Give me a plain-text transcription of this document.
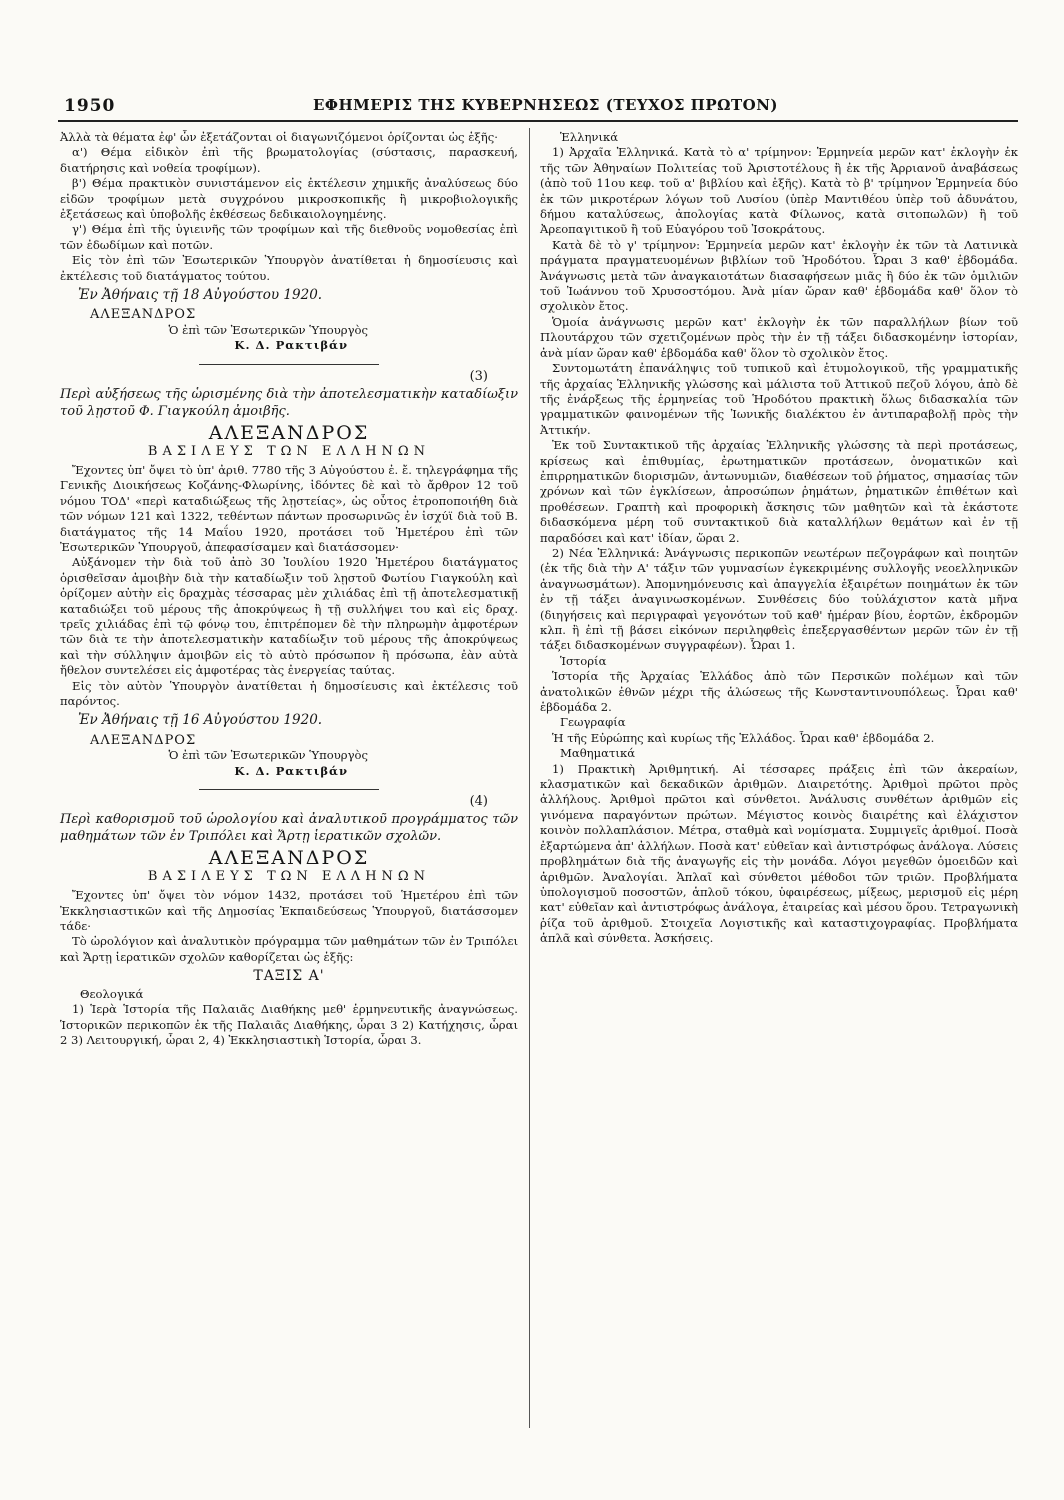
1950	ΕΦΗΜΕΡΙΣ ΤΗΣ ΚΥΒΕΡΝΗΣΕΩΣ (ΤΕΥΧΟΣ ΠΡΩΤΟΝ)

Ἀλλὰ τὰ θέματα ἐφ' ὧν ἐξετάζονται οἱ διαγωνιζόμενοι ὁρίζονται ὡς ἑξῆς·

α') Θέμα εἰδικὸν ἐπὶ τῆς βρωματολογίας (σύστασις, παρασκευή, διατήρησις καὶ νοθεία τροφίμων).

β') Θέμα πρακτικὸν συνιστάμενον εἰς ἐκτέλεσιν χημικῆς ἀναλύσεως δύο εἰδῶν τροφίμων μετὰ συγχρόνου μικροσκοπικῆς ἢ μικροβιολογικῆς ἐξετάσεως καὶ ὑποβολῆς ἐκθέσεως δεδικαιολογημένης.

γ') Θέμα ἐπὶ τῆς ὑγιεινῆς τῶν τροφίμων καὶ τῆς διεθνοῦς νομοθεσίας ἐπὶ τῶν ἐδωδίμων καὶ ποτῶν.

Εἰς τὸν ἐπὶ τῶν Ἐσωτερικῶν Ὑπουργὸν ἀνατίθεται ἡ δημοσίευσις καὶ ἐκτέλεσις τοῦ διατάγματος τούτου.

Ἐν Ἀθήναις τῇ 18 Αὐγούστου 1920.

ΑΛΕΞΑΝΔΡΟΣ

Ὁ ἐπὶ τῶν Ἐσωτερικῶν Ὑπουργὸς

Κ. Δ. Ρακτιβάν

(3)

Περὶ αὐξήσεως τῆς ὡρισμένης διὰ τὴν ἀποτελεσματικὴν καταδίωξιν τοῦ λῃστοῦ Φ. Γιαγκούλη ἀμοιβῆς.

ΑΛΕΞΑΝΔΡΟΣ

ΒΑΣΙΛΕΥΣ ΤΩΝ ΕΛΛΗΝΩΝ

Ἔχοντες ὑπ' ὄψει τὸ ὑπ' ἀριθ. 7780 τῆς 3 Αὐγούστου ἐ. ἔ. τηλεγράφημα τῆς Γενικῆς Διοικήσεως Κοζάνης-Φλωρίνης, ἰδόντες δὲ καὶ τὸ ἄρθρον 12 τοῦ νόμου ΤΟΔ' «περὶ καταδιώξεως τῆς λῃστείας», ὡς οὗτος ἐτροποποιήθη διὰ τῶν νόμων 121 καὶ 1322, τεθέντων πάντων προσωρινῶς ἐν ἰσχύϊ διὰ τοῦ Β. διατάγματος τῆς 14 Μαΐου 1920, προτάσει τοῦ Ἡμετέρου ἐπὶ τῶν Ἐσωτερικῶν Ὑπουργοῦ, ἀπεφασίσαμεν καὶ διατάσσομεν·

Αὐξάνομεν τὴν διὰ τοῦ ἀπὸ 30 Ἰουλίου 1920 Ἡμετέρου διατάγματος ὁρισθεῖσαν ἀμοιβὴν διὰ τὴν καταδίωξιν τοῦ λῃστοῦ Φωτίου Γιαγκούλη καὶ ὁρίζομεν αὐτὴν εἰς δραχμὰς τέσσαρας μὲν χιλιάδας ἐπὶ τῇ ἀποτελεσματικῇ καταδιώξει τοῦ μέρους τῆς ἀποκρύψεως ἢ τῇ συλλήψει του καὶ εἰς δραχ. τρεῖς χιλιάδας ἐπὶ τῷ φόνῳ του, ἐπιτρέπομεν δὲ τὴν πληρωμὴν ἀμφοτέρων τῶν διὰ τε τὴν ἀποτελεσματικὴν καταδίωξιν τοῦ μέρους τῆς ἀποκρύψεως καὶ τὴν σύλληψιν ἀμοιβῶν εἰς τὸ αὐτὸ πρόσωπον ἢ πρόσωπα, ἐὰν αὐτὰ ἤθελον συντελέσει εἰς ἀμφοτέρας τὰς ἐνεργείας ταύτας.

Εἰς τὸν αὐτὸν Ὑπουργὸν ἀνατίθεται ἡ δημοσίευσις καὶ ἐκτέλεσις τοῦ παρόντος.

Ἐν Ἀθήναις τῇ 16 Αὐγούστου 1920.

ΑΛΕΞΑΝΔΡΟΣ

Ὁ ἐπὶ τῶν Ἐσωτερικῶν Ὑπουργὸς

Κ. Δ. Ρακτιβάν

(4)

Περὶ καθορισμοῦ τοῦ ὡρολογίου καὶ ἀναλυτικοῦ προγράμματος τῶν μαθημάτων τῶν ἐν Τριπόλει καὶ Ἄρτῃ ἱερατικῶν σχολῶν.

ΑΛΕΞΑΝΔΡΟΣ

ΒΑΣΙΛΕΥΣ ΤΩΝ ΕΛΛΗΝΩΝ

Ἔχοντες ὑπ' ὄψει τὸν νόμον 1432, προτάσει τοῦ Ἡμετέρου ἐπὶ τῶν Ἐκκλησιαστικῶν καὶ τῆς Δημοσίας Ἐκπαιδεύσεως Ὑπουργοῦ, διατάσσομεν τάδε·

Τὸ ὡρολόγιον καὶ ἀναλυτικὸν πρόγραμμα τῶν μαθημάτων τῶν ἐν Τριπόλει καὶ Ἄρτῃ ἱερατικῶν σχολῶν καθορίζεται ὡς ἑξῆς:

ΤΑΞΙΣ Α'

Θεολογικά

1) Ἱερὰ Ἱστορία τῆς Παλαιᾶς Διαθήκης μεθ' ἑρμηνευτικῆς ἀναγνώσεως. Ἱστορικῶν περικοπῶν ἐκ τῆς Παλαιᾶς Διαθήκης, ὧραι 3 2) Κατήχησις, ὧραι 2 3) Λειτουργική, ὧραι 2, 4) Ἐκκλησιαστικὴ Ἱστορία, ὧραι 3.

Ἑλληνικά

1) Ἀρχαῖα Ἑλληνικά. Κατὰ τὸ α' τρίμηνον: Ἑρμηνεία μερῶν κατ' ἐκλογὴν ἐκ τῆς τῶν Ἀθηναίων Πολιτείας τοῦ Ἀριστοτέλους ἢ ἐκ τῆς Ἀρριανοῦ ἀναβάσεως (ἀπὸ τοῦ 11ου κεφ. τοῦ α' βιβλίου καὶ ἑξῆς). Κατὰ τὸ β' τρίμηνον Ἑρμηνεία δύο ἐκ τῶν μικροτέρων λόγων τοῦ Λυσίου (ὑπὲρ Μαντιθέου ὑπὲρ τοῦ ἀδυνάτου, δήμου καταλύσεως, ἀπολογίας κατὰ Φίλωνος, κατὰ σιτοπωλῶν) ἢ τοῦ Ἀρεοπαγιτικοῦ ἢ τοῦ Εὐαγόρου τοῦ Ἰσοκράτους.

Κατὰ δὲ τὸ γ' τρίμηνον: Ἑρμηνεία μερῶν κατ' ἐκλογὴν ἐκ τῶν τὰ Λατινικὰ πράγματα πραγματευομένων βιβλίων τοῦ Ἡροδότου. Ὧραι 3 καθ' ἑβδομάδα. Ἀνάγνωσις μετὰ τῶν ἀναγκαιοτάτων διασαφήσεων μιᾶς ἢ δύο ἐκ τῶν ὁμιλιῶν τοῦ Ἰωάννου τοῦ Χρυσοστόμου. Ἀνὰ μίαν ὥραν καθ' ἑβδομάδα καθ' ὅλον τὸ σχολικὸν ἔτος.

Ὁμοία ἀνάγνωσις μερῶν κατ' ἐκλογὴν ἐκ τῶν παραλλήλων βίων τοῦ Πλουτάρχου τῶν σχετιζομένων πρὸς τὴν ἐν τῇ τάξει διδασκομένην ἱστορίαν, ἀνὰ μίαν ὥραν καθ' ἑβδομάδα καθ' ὅλον τὸ σχολικὸν ἔτος.

Συντομωτάτη ἐπανάληψις τοῦ τυπικοῦ καὶ ἐτυμολογικοῦ, τῆς γραμματικῆς τῆς ἀρχαίας Ἑλληνικῆς γλώσσης καὶ μάλιστα τοῦ Ἀττικοῦ πεζοῦ λόγου, ἀπὸ δὲ τῆς ἐνάρξεως τῆς ἑρμηνείας τοῦ Ἡροδότου πρακτικὴ ὅλως διδασκαλία τῶν γραμματικῶν φαινομένων τῆς Ἰωνικῆς διαλέκτου ἐν ἀντιπαραβολῇ πρὸς τὴν Ἀττικήν.

Ἐκ τοῦ Συντακτικοῦ τῆς ἀρχαίας Ἑλληνικῆς γλώσσης τὰ περὶ προτάσεως, κρίσεως καὶ ἐπιθυμίας, ἐρωτηματικῶν προτάσεων, ὀνοματικῶν καὶ ἐπιρρηματικῶν διορισμῶν, ἀντωνυμιῶν, διαθέσεων τοῦ ῥήματος, σημασίας τῶν χρόνων καὶ τῶν ἐγκλίσεων, ἀπροσώπων ῥημάτων, ῥηματικῶν ἐπιθέτων καὶ προθέσεων. Γραπτὴ καὶ προφορικὴ ἄσκησις τῶν μαθητῶν καὶ τὰ ἑκάστοτε διδασκόμενα μέρη τοῦ συντακτικοῦ διὰ καταλλήλων θεμάτων καὶ ἐν τῇ παραδόσει καὶ κατ' ἰδίαν, ὥραι 2.

2) Νέα Ἑλληνικά: Ἀνάγνωσις περικοπῶν νεωτέρων πεζογράφων καὶ ποιητῶν (ἐκ τῆς διὰ τὴν Α' τάξιν τῶν γυμνασίων ἐγκεκριμένης συλλογῆς νεοελληνικῶν ἀναγνωσμάτων). Ἀπομνημόνευσις καὶ ἀπαγγελία ἐξαιρέτων ποιημάτων ἐκ τῶν ἐν τῇ τάξει ἀναγινωσκομένων. Συνθέσεις δύο τοὐλάχιστον κατὰ μῆνα (διηγήσεις καὶ περιγραφαὶ γεγονότων τοῦ καθ' ἡμέραν βίου, ἑορτῶν, ἐκδρομῶν κλπ. ἢ ἐπὶ τῇ βάσει εἰκόνων περιληφθεὶς ἐπεξεργασθέντων μερῶν τῶν ἐν τῇ τάξει διδασκομένων συγγραφέων). Ὧραι 1.

Ἱστορία

Ἱστορία τῆς Ἀρχαίας Ἑλλάδος ἀπὸ τῶν Περσικῶν πολέμων καὶ τῶν ἀνατολικῶν ἐθνῶν μέχρι τῆς ἁλώσεως τῆς Κωνσταντινουπόλεως. Ὧραι καθ' ἑβδομάδα 2.

Γεωγραφία

Ἡ τῆς Εὐρώπης καὶ κυρίως τῆς Ἑλλάδος. Ὧραι καθ' ἑβδομάδα 2.

Μαθηματικά

1) Πρακτικὴ Ἀριθμητική. Αἱ τέσσαρες πράξεις ἐπὶ τῶν ἀκεραίων, κλασματικῶν καὶ δεκαδικῶν ἀριθμῶν. Διαιρετότης. Ἀριθμοὶ πρῶτοι πρὸς ἀλλήλους. Ἀριθμοὶ πρῶτοι καὶ σύνθετοι. Ἀνάλυσις συνθέτων ἀριθμῶν εἰς γινόμενα παραγόντων πρώτων. Μέγιστος κοινὸς διαιρέτης καὶ ἐλάχιστον κοινὸν πολλαπλάσιον. Μέτρα, σταθμὰ καὶ νομίσματα. Συμμιγεῖς ἀριθμοί. Ποσὰ ἐξαρτώμενα ἀπ' ἀλλήλων. Ποσὰ κατ' εὐθεῖαν καὶ ἀντιστρόφως ἀνάλογα. Λύσεις προβλημάτων διὰ τῆς ἀναγωγῆς εἰς τὴν μονάδα. Λόγοι μεγεθῶν ὁμοειδῶν καὶ ἀριθμῶν. Ἀναλογίαι. Ἁπλαῖ καὶ σύνθετοι μέθοδοι τῶν τριῶν. Προβλήματα ὑπολογισμοῦ ποσοστῶν, ἁπλοῦ τόκου, ὑφαιρέσεως, μίξεως, μερισμοῦ εἰς μέρη κατ' εὐθεῖαν καὶ ἀντιστρόφως ἀνάλογα, ἑταιρείας καὶ μέσου ὅρου. Τετραγωνικὴ ῥίζα τοῦ ἀριθμοῦ. Στοιχεῖα Λογιστικῆς καὶ καταστιχογραφίας. Προβλήματα ἁπλᾶ καὶ σύνθετα. Ἀσκήσεις.
